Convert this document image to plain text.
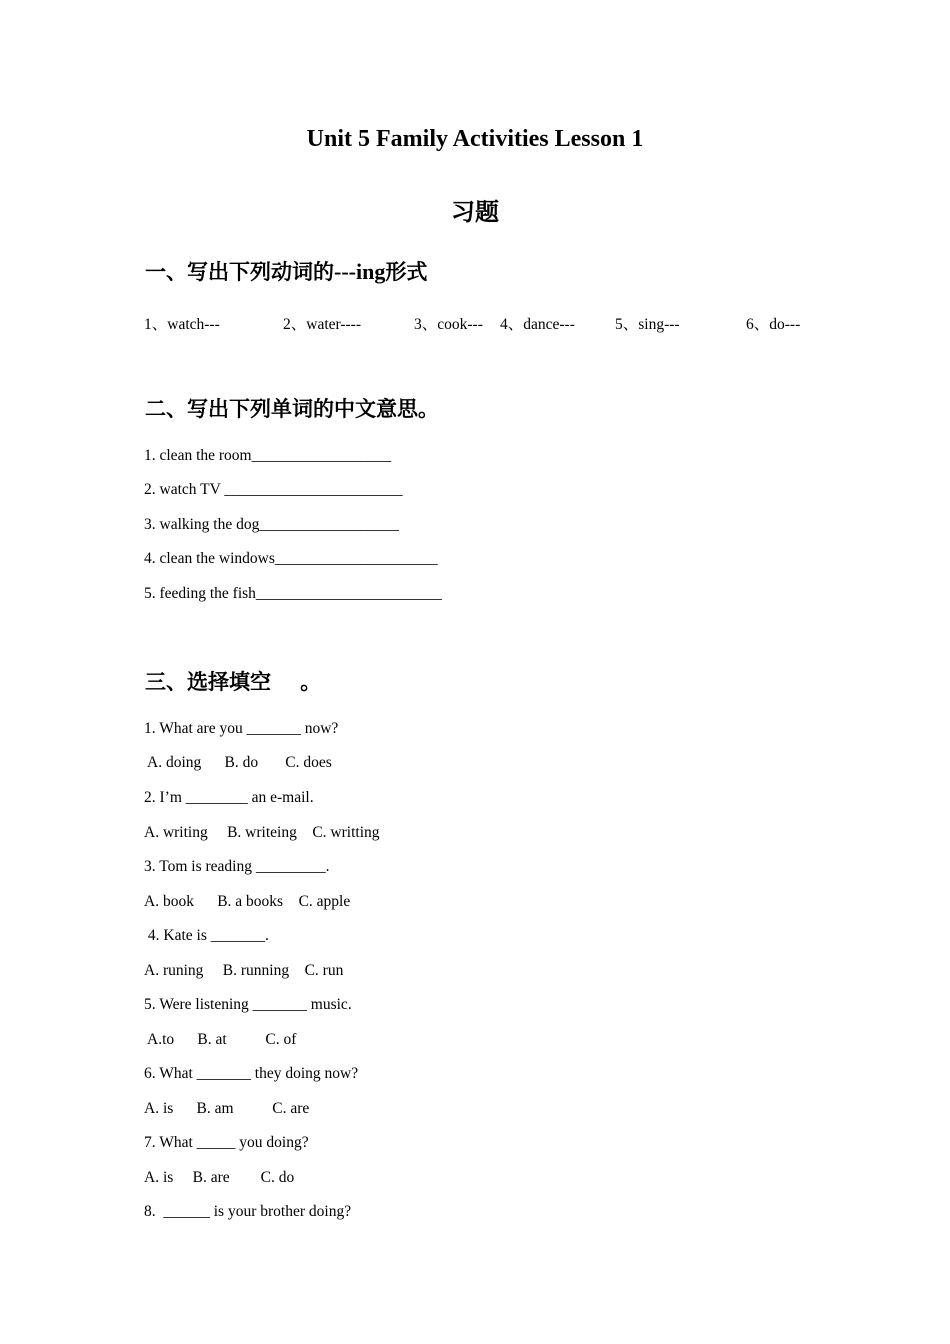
Unit 5 Family Activities Lesson 1
习题
一、写出下列动词的---ing形式
1、watch---	2、water----	3、cook--- 4、dance---	5、sing---	6、do---
二、写出下列单词的中文意思。
1. clean the room__________________
2. watch TV _______________________
3. walking the dog__________________
4. clean the windows_____________________
5. feeding the fish________________________
三、选择填空    。
1. What are you _______ now?
A. doing      B. do       C. does
2. I’m ________ an e-mail.
A. writing     B. writeing    C. writting
3. Tom is reading _________.
A. book      B. a books    C. apple
4. Kate is _______.
A. runing     B. running    C. run
5. Were listening _______ music.
A.to      B. at          C. of
6. What _______ they doing now?
A. is      B. am          C. are
7. What _____ you doing?
A. is     B. are        C. do
8.  ______ is your brother doing?
